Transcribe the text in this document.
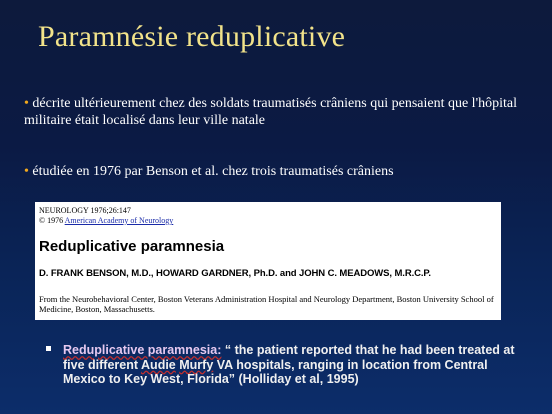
Paramnésie reduplicative
• décrite ultérieurement chez des soldats traumatisés crâniens qui pensaient que l'hôpital militaire était localisé dans leur ville natale
• étudiée en 1976 par Benson et al. chez trois traumatisés crâniens
NEUROLOGY 1976;26:147
© 1976 American Academy of Neurology
Reduplicative paramnesia
D. FRANK BENSON, M.D., HOWARD GARDNER, Ph.D. and JOHN C. MEADOWS, M.R.C.P.
From the Neurobehavioral Center, Boston Veterans Administration Hospital and Neurology Department, Boston University School of Medicine, Boston, Massachusetts.
Reduplicative paramnesia: “ the patient reported that he had been treated at five different Audie Murfy VA hospitals, ranging in location from Central Mexico to Key West, Florida” (Holliday et al, 1995)
